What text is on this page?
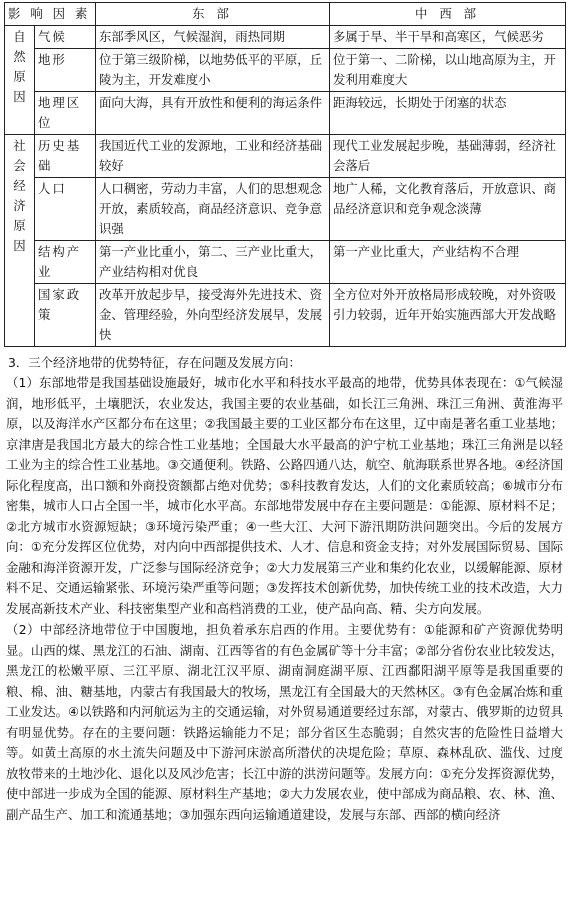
影 响 因 素		东 部	中 西 部
自然原因	气候	东部季风区，气候湿润，雨热同期	多属于旱、半干旱和高寒区，气候恶劣
	地形	位于第三级阶梯，以地势低平的平原，丘陵为主，开发难度小	位于第一、二阶梯，以山地高原为主，开发利用难度大
	地理区位	面向大海，具有开放性和便利的海运条件	距海较远，长期处于闭塞的状态
社会经济原因	历史基础	我国近代工业的发源地，工业和经济基础较好	现代工业发展起步晚，基础薄弱，经济社会落后
	人口	人口稠密，劳动力丰富，人们的思想观念开放，素质较高，商品经济意识、竞争意识强	地广人稀，文化教育落后，开放意识、商品经济意识和竞争观念淡薄
	结构产业	第一产业比重小，第二、三产业比重大，产业结构相对优良	第一产业比重大，产业结构不合理
	国家政策	改革开放起步早，接受海外先进技术、资金、管理经验，外向型经济发展早，发展快	全方位对外开放格局形成较晚，对外资吸引力较弱，近年开始实施西部大开发战略
3．三个经济地带的优势特征，存在问题及发展方向：
（1）东部地带是我国基础设施最好，城市化水平和科技水平最高的地带，优势具体表现在：①气候湿润，地形低平，土壤肥沃，农业发达，我国主要的农业基础，如长江三角洲、珠江三角洲、黄淮海平原，以及海洋水产区都分布在这里；②我国最主要的工业区都分布在这里，辽中南是著名重工业基地；京津唐是我国北方最大的综合性工业基地；全国最大水平最高的沪宁杭工业基地；珠江三角洲是以轻工业为主的综合性工业基地。③交通便利。铁路、公路四通八达，航空、航海联系世界各地。④经济国际化程度高，出口额和外商投资额都占绝对优势；⑤科技教育发达，人们的文化素质较高；⑥城市分布密集，城市人口占全国一半，城市化水平高。东部地带发展中存在主要问题是：①能源、原材料不足；②北方城市水资源短缺；③环境污染严重；④一些大江、大河下游汛期防洪问题突出。今后的发展方向：①充分发挥区位优势，对内向中西部提供技术、人才、信息和资金支持；对外发展国际贸易、国际金融和海洋资源开发，广泛参与国际经济竞争；②大力发展第三产业和集约化农业，以缓解能源、原材料不足、交通运输紧张、环境污染严重等问题；③发挥技术创新优势，加快传统工业的技术改造，大力发展高新技术产业、科技密集型产业和高档消费的工业，使产品向高、精、尖方向发展。
（2）中部经济地带位于中国腹地，担负着承东启西的作用。主要优势有：①能源和矿产资源优势明显。山西的煤、黑龙江的石油、湖南、江西等省的有色金属矿等十分丰富；②部分省份农业比较发达，黑龙江的松嫩平原、三江平原、湖北江汉平原、湖南洞庭湖平原、江西鄱阳湖平原等是我国重要的粮、棉、油、糖基地，内蒙古有我国最大的牧场，黑龙江有全国最大的天然林区。③有色金属冶炼和重工业发达。④以铁路和内河航运为主的交通运输，对外贸易通道要经过东部，对蒙古、俄罗斯的边贸具有明显优势。存在的主要问题：铁路运输能力不足；部分省区生态脆弱；自然灾害的危险性日益增大等。如黄土高原的水土流失问题及中下游河床淤高所潜伏的决堤危险；草原、森林乱砍、滥伐、过度放牧带来的土地沙化、退化以及风沙危害；长江中游的洪涝问题等。发展方向：①充分发挥资源优势，使中部进一步成为全国的能源、原材料生产基地；②大力发展农业，使中部成为商品粮、农、林、渔、副产品生产、加工和流通基地；③加强东西向运输通道建设，发展与东部、西部的横向经济
